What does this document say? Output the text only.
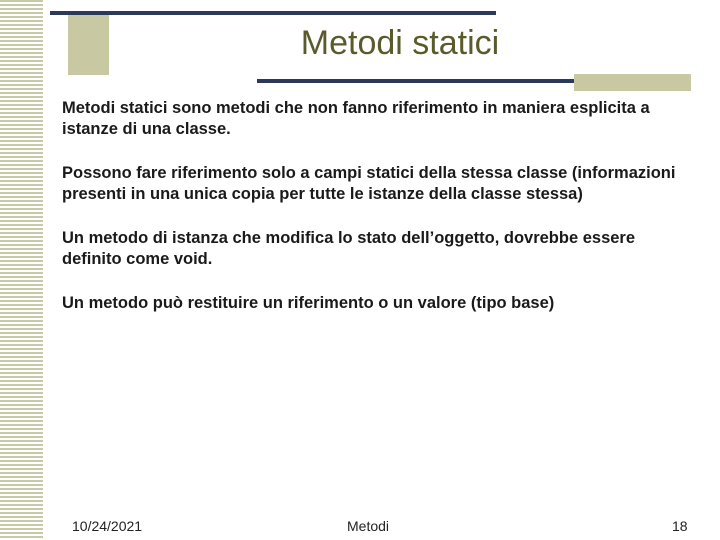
Metodi statici

Metodi statici sono metodi che non fanno riferimento in maniera esplicita a istanze di una classe.

Possono fare riferimento solo a campi statici della stessa classe (informazioni presenti in una unica copia per tutte le istanze della classe stessa)

Un metodo di istanza che modifica lo stato dell’oggetto, dovrebbe essere definito come void.

Un metodo può restituire un riferimento o un valore (tipo base)

10/24/2021	Metodi	18
